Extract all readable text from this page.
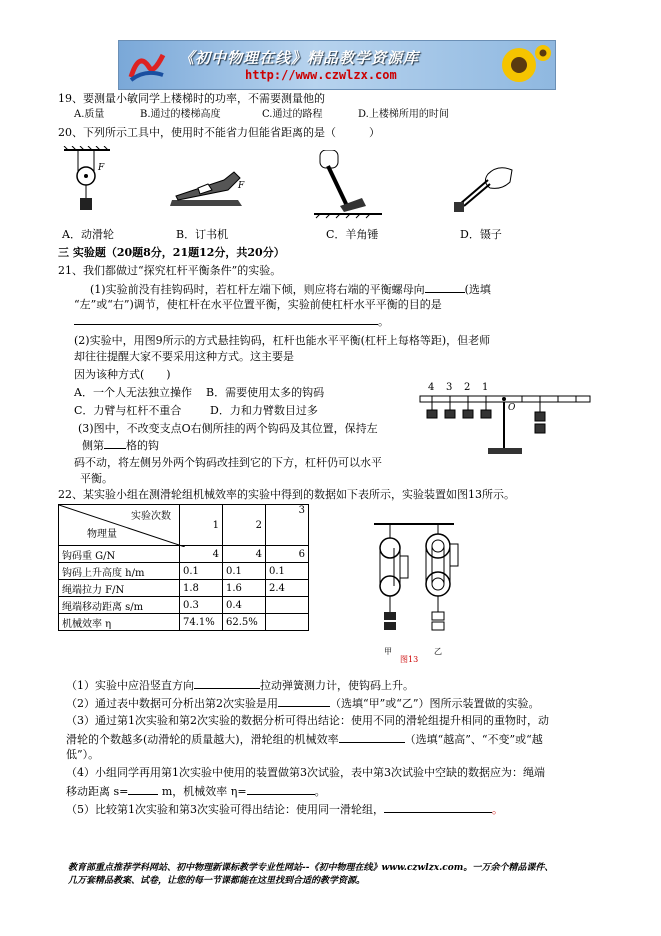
《初中物理在线》精品教学资源库
http://www.czwlzx.com
19、要测量小敏同学上楼梯时的功率，不需要测量他的
A.质量	B.通过的楼梯高度	C.通过的路程	D.上楼梯所用的时间
20、下列所示工具中，使用时不能省力但能省距离的是（　　　）
F
F
A．动滑轮	B．订书机	C．羊角锤	D．镊子
三 实验题（20题8分，21题12分，共20分）
21、我们都做过“探究杠杆平衡条件”的实验。
(1)实验前没有挂钩码时，若杠杆左端下倾，则应将右端的平衡螺母向	(选填
“左”或“右”)调节，使杠杆在水平位置平衡，实验前使杠杆水平平衡的目的是
。
(2)实验中，用图9所示的方式悬挂钩码，杠杆也能水平平衡(杠杆上每格等距)，但老师
却往往提醒大家不要采用这种方式。这主要是
因为该种方式(　　)
A．一个人无法独立操作 B．需要使用太多的钩码
C．力臂与杠杆不重合	D．力和力臂数目过多
(3)图中，不改变支点O右侧所挂的两个钩码及其位置，保持左
侧第 格的钩
码不动，将左侧另外两个钩码改挂到它的下方，杠杆仍可以水平
平衡。
4 3 2 1
O
22、某实验小组在测滑轮组机械效率的实验中得到的数据如下表所示，实验装置如图13所示。
实验次数
物理量	1	2	3
钩码重 G/N	4	4	6
钩码上升高度 h/m	0.1	0.1	0.1
绳端拉力 F/N	1.8	1.6	2.4
绳端移动距离 s/m	0.3	0.4	
机械效率 η	74.1%	62.5%	
甲	乙
图13
（1）实验中应沿竖直方向	拉动弹簧测力计，使钩码上升。
（2）通过表中数据可分析出第2次实验是用	（选填“甲”或“乙”）图所示装置做的实验。
（3）通过第1次实验和第2次实验的数据分析可得出结论：使用不同的滑轮组提升相同的重物时，动
滑轮的个数越多(动滑轮的质量越大)，滑轮组的机械效率	（选填“越高”、“不变”或“越
低”）。
（4）小组同学再用第1次实验中使用的装置做第3次试验，表中第3次试验中空缺的数据应为：绳端
移动距离 s=	m，机械效率 η=	。
（5）比较第1次实验和第3次实验可得出结论：使用同一滑轮组，	。
教育部重点推荐学科网站、初中物理新课标教学专业性网站--《初中物理在线》www.czwlzx.com。一万余个精品课件、
几万套精品教案、试卷，让您的每一节课都能在这里找到合适的教学资源。
